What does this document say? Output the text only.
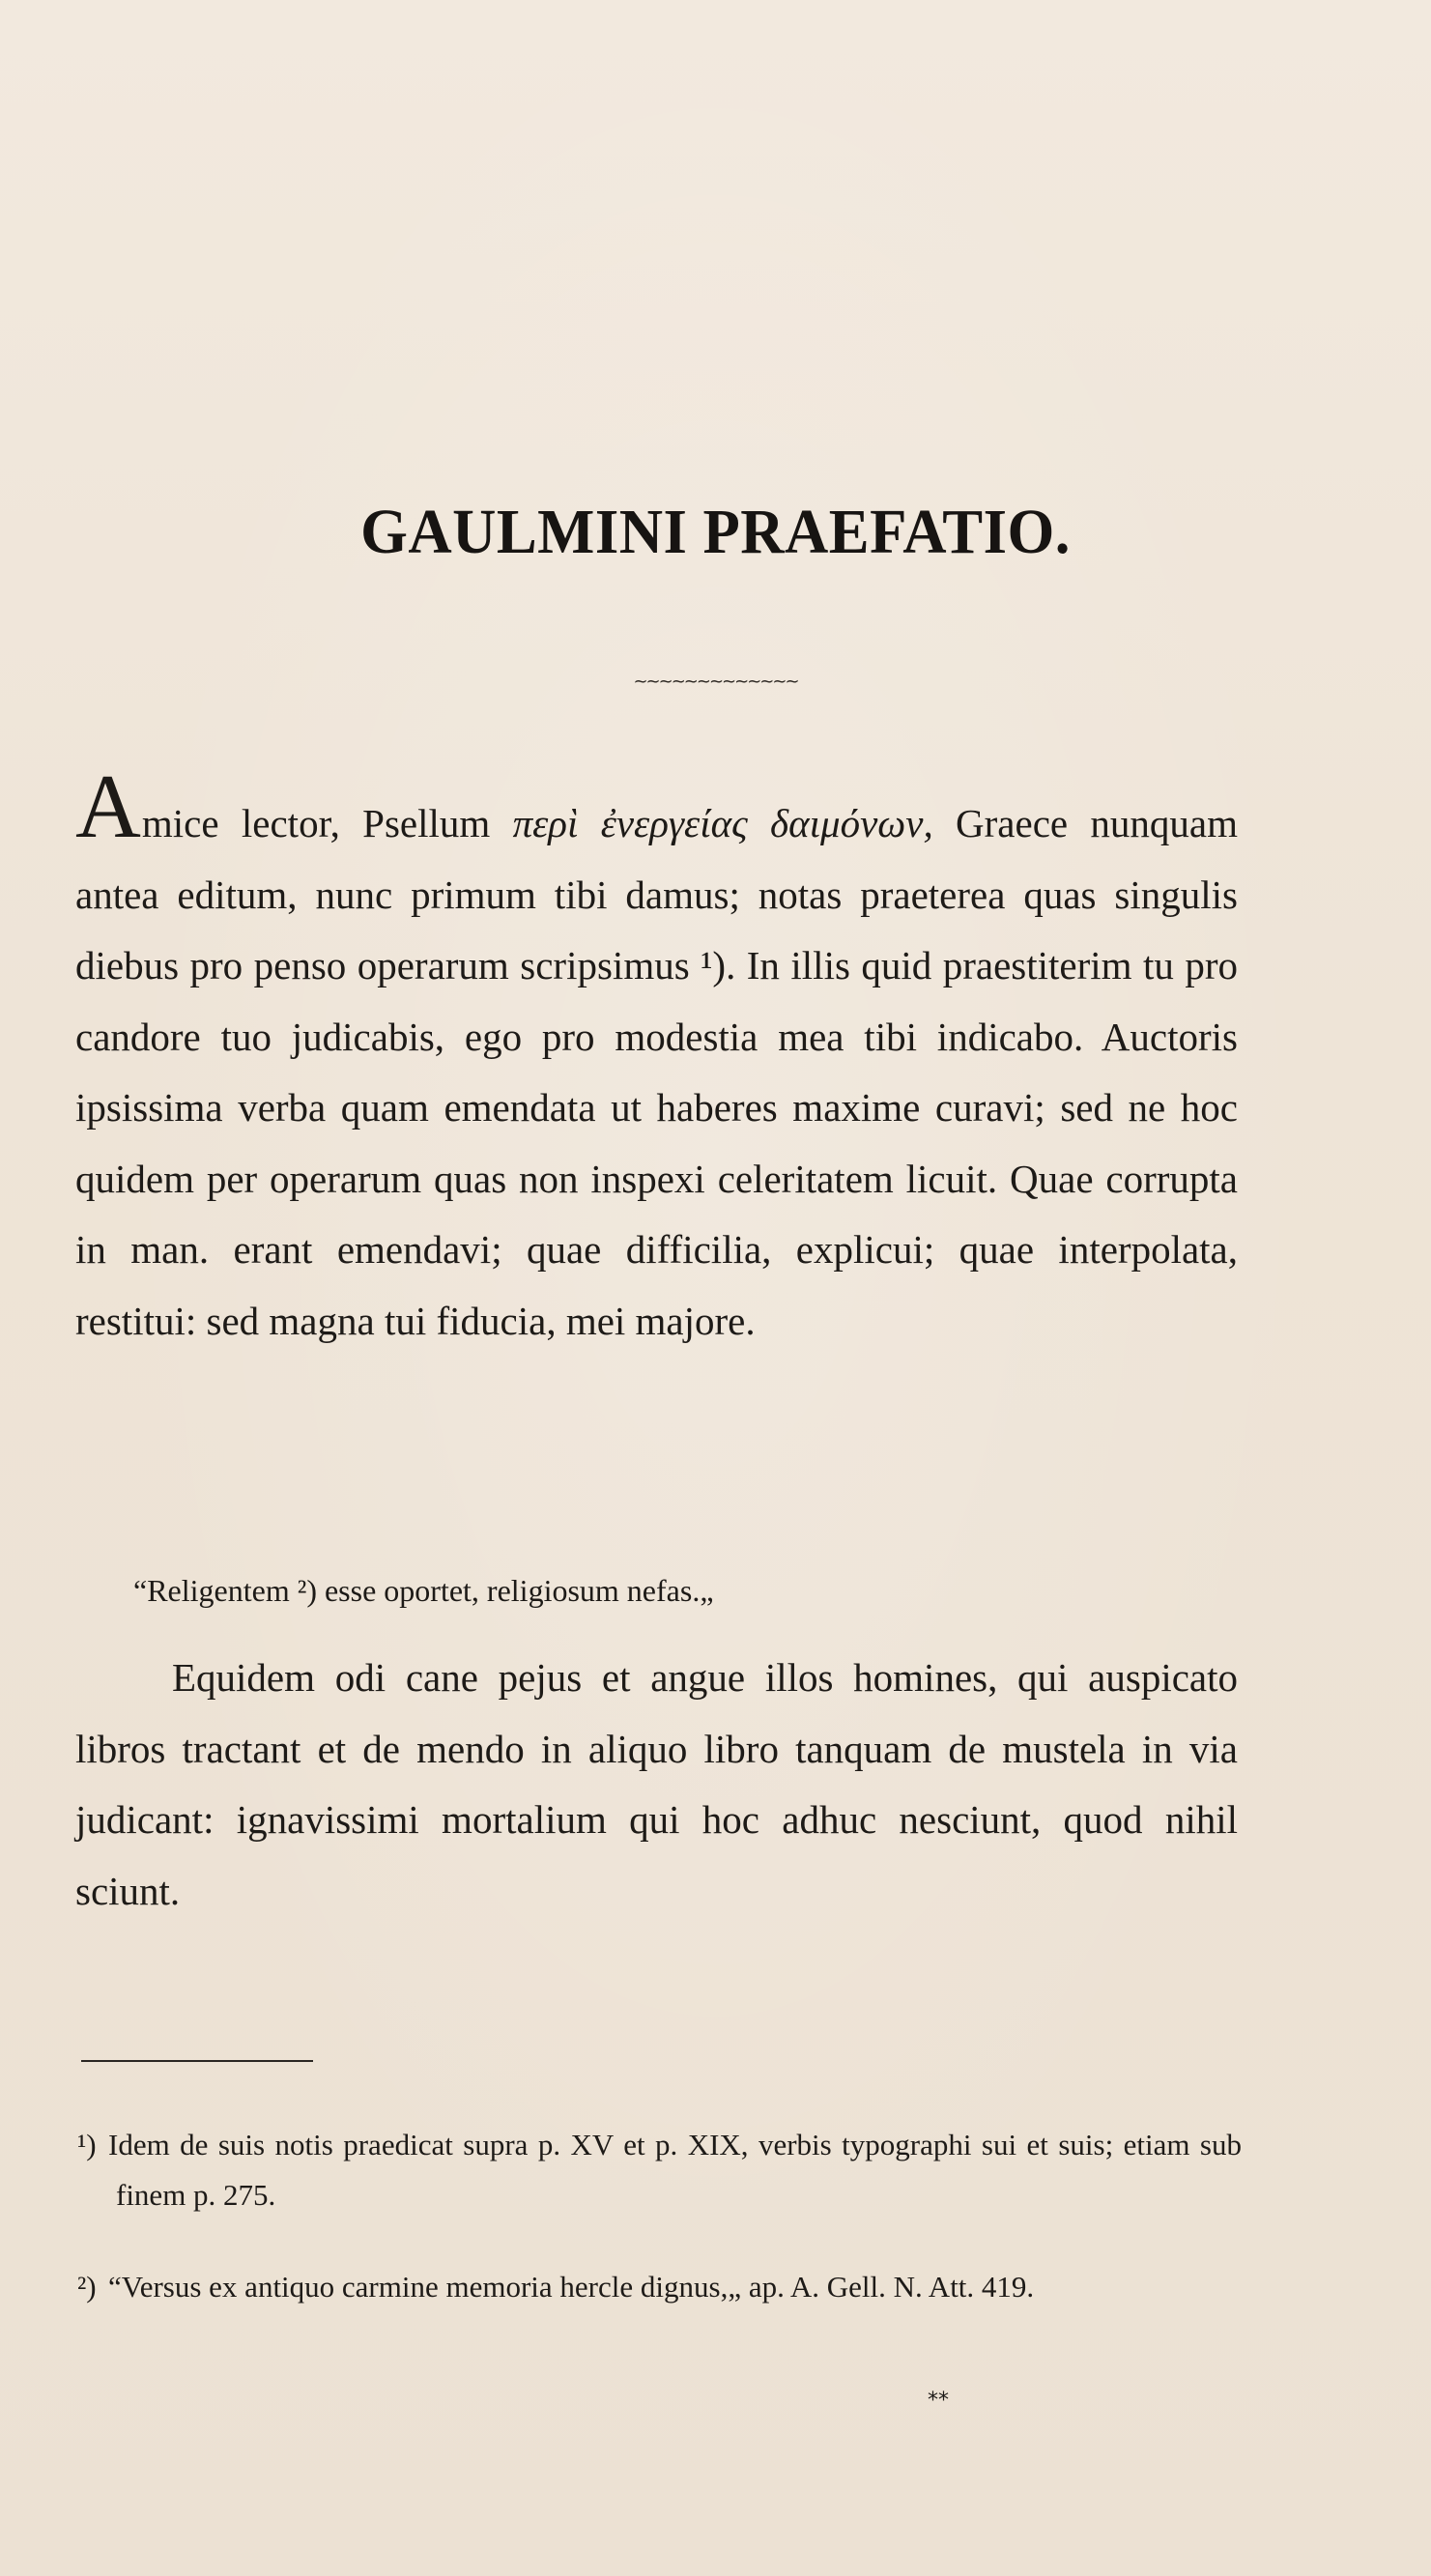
GAULMINI PRAEFATIO.
~~~~~~~~~~~~~
Amice lector, Psellum περὶ ἐνεργείας δαιμόνων, Graece nunquam antea editum, nunc primum tibi damus; notas praeterea quas singulis diebus pro penso operarum scripsimus ¹). In illis quid praestiterim tu pro candore tuo judicabis, ego pro modestia mea tibi indicabo. Auctoris ipsissima verba quam emendata ut haberes maxime curavi; sed ne hoc quidem per operarum quas non inspexi celeritatem licuit. Quae corrupta in man. erant emendavi; quae difficilia, explicui; quae interpolata, restitui: sed magna tui fiducia, mei majore.
“Religentem ²) esse oportet, religiosum nefas.„
Equidem odi cane pejus et angue illos homines, qui auspicato libros tractant et de mendo in aliquo libro tanquam de mustela in via judicant: ignavissimi mortalium qui hoc adhuc nesciunt, quod nihil sciunt.
¹) Idem de suis notis praedicat supra p. XV et p. XIX, verbis typographi sui et suis; etiam sub finem p. 275.
²) “Versus ex antiquo carmine memoria hercle dignus,„ ap. A. Gell. N. Att. 419.
**
